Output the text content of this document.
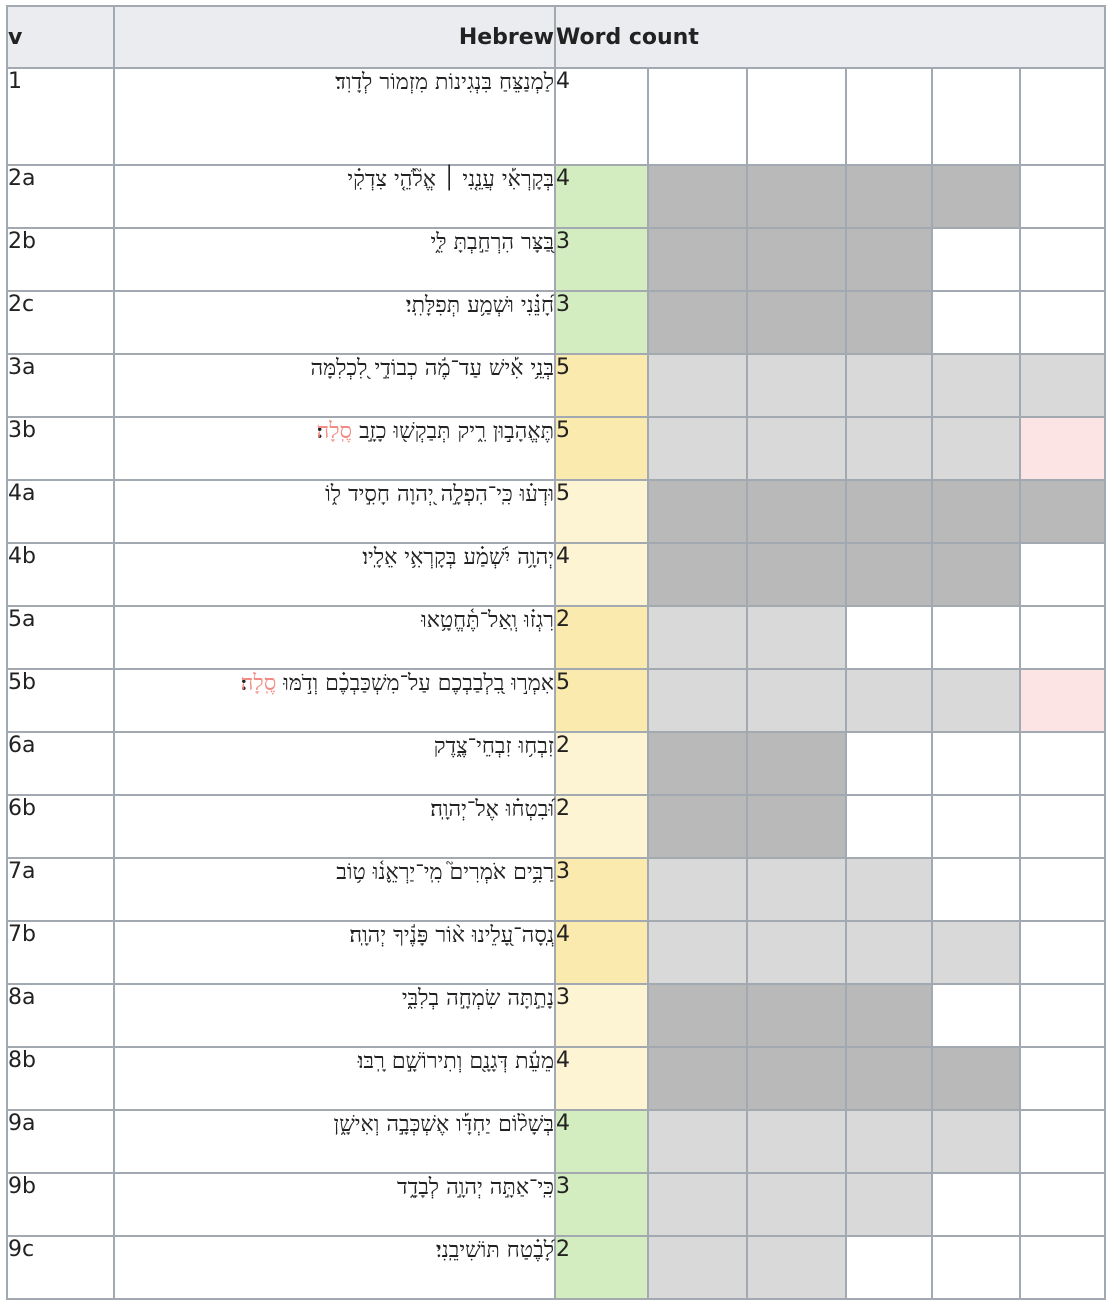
v	Hebrew	Word count					
1	לַמְנַצֵּחַ בִּנְגִינוֹת מִזְמוֹר לְדָוִד׃	4					
2a	בְּקָרְאִ֡י עֲנֵ֤נִי ׀ אֱלֹ֘הֵ֤י צִדְקִ֗י	4					
2b	בַּ֭צָּר הִרְחַ֣בְתָּ לִּ֑י	3					
2c	חָ֝נֵּ֗נִי וּשְׁמַ֥ע תְּפִלָּתִֽי׃	3					
3a	בְּנֵ֥י אִ֡ישׁ עַד־מֶ֬ה כְבוֹדִ֣י לִ֭כְלִמָּה	5					
3b	תֶּאֱהָב֣וּן רִ֑יק תְּבַקְשׁ֖וּ כָזָ֣ב סֶֽלָה	5					
4a	וּדְע֗וּ כִּֽי־הִפְלָ֣ה יְ֭הוָה חָסִ֣יד ל֑וֹ	5					
4b	יְהוָ֥ה יִ֝שְׁמַ֗ע בְּקָרְאִ֥י אֵלָֽיו׃	4					
5a	רִגְז֗וּ וְֽאַל־תֶּ֫חֱטָ֥אוּ	2					
5b	אִמְר֣וּ בִ֭לְבַבְכֶם עַל־מִשְׁכַּבְכֶ֗ם וְדֹ֣מּוּ סֶֽלָה	5					
6a	זִבְח֥וּ זִבְחֵי־צֶ֑דֶק	2					
6b	וּ֝בִטְח֗וּ אֶל־יְהוָֽה׃	2					
7a	רַבִּ֥ים אֹמְרִים֮ מִֽי־יַרְאֵ֪נ֫וּ ט֥וֹב	3					
7b	נְֽסָה־עָ֭לֵינוּ א֨וֹר פָּנֶ֬יךָ יְהוָֽה׃	4					
8a	נָתַ֣תָּה שִׂמְחָ֣ה בְלִבִּ֑י	3					
8b	מֵעֵ֬ת דְּגָנָ֖ם וְתִירוֹשָׁ֣ם רָֽבּוּ׃	4					
9a	בְּשָׁל֨וֹם יַחְדָּ֡ו אֶשְׁכְּבָ֣ה וְאִישָׁ֑ן	4					
9b	כִּֽי־אַתָּ֣ה יְהוָ֣ה לְבָדָ֑ד	3					
9c	לָ֝בֶ֗טַח תּוֹשִׁיבֵֽנִי׃	2					
